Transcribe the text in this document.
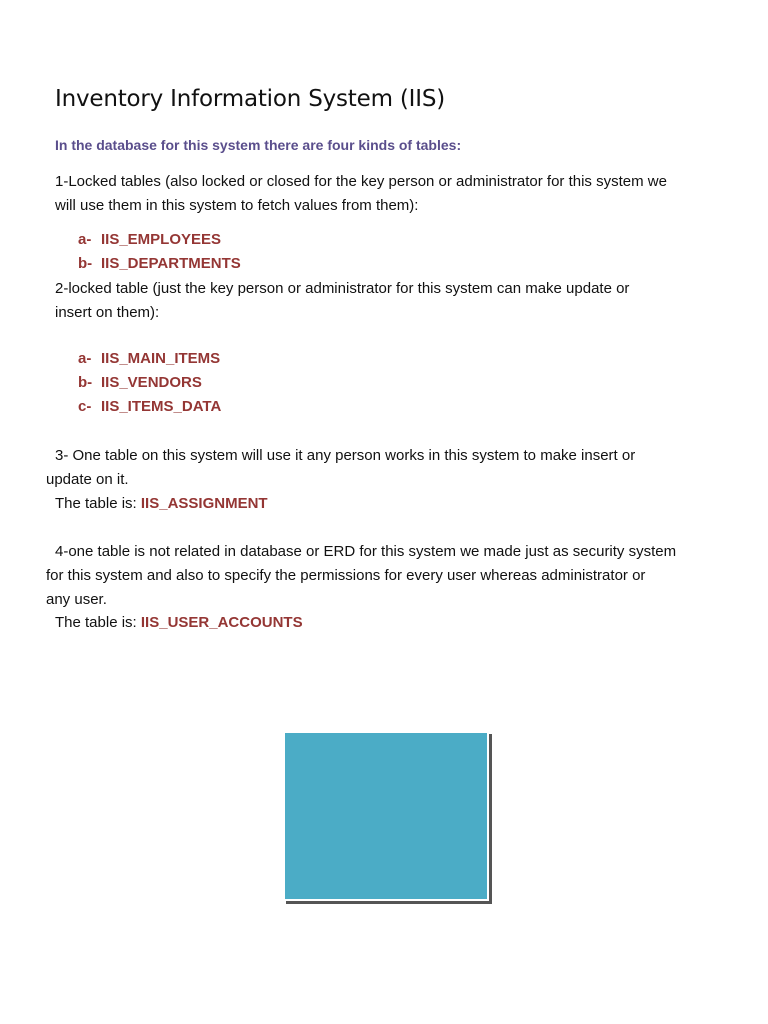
Inventory Information System (IIS)
In the database for this system there are four kinds of tables:
1-Locked tables (also locked or closed for the key person or administrator for this system we
will use them in this system to fetch values from them):
a- IIS_EMPLOYEES
b- IIS_DEPARTMENTS
2-locked table (just the key person or administrator for this system can make update or
insert on them):
a- IIS_MAIN_ITEMS
b- IIS_VENDORS
c- IIS_ITEMS_DATA
3- One table on this system will use it any person works in this system to make insert or
update on it.
The table is: IIS_ASSIGNMENT
4-one table is not related in database or ERD for this system we made just as security system
for this system and also to specify the permissions for every user whereas administrator or
any user.
The table is: IIS_USER_ACCOUNTS
